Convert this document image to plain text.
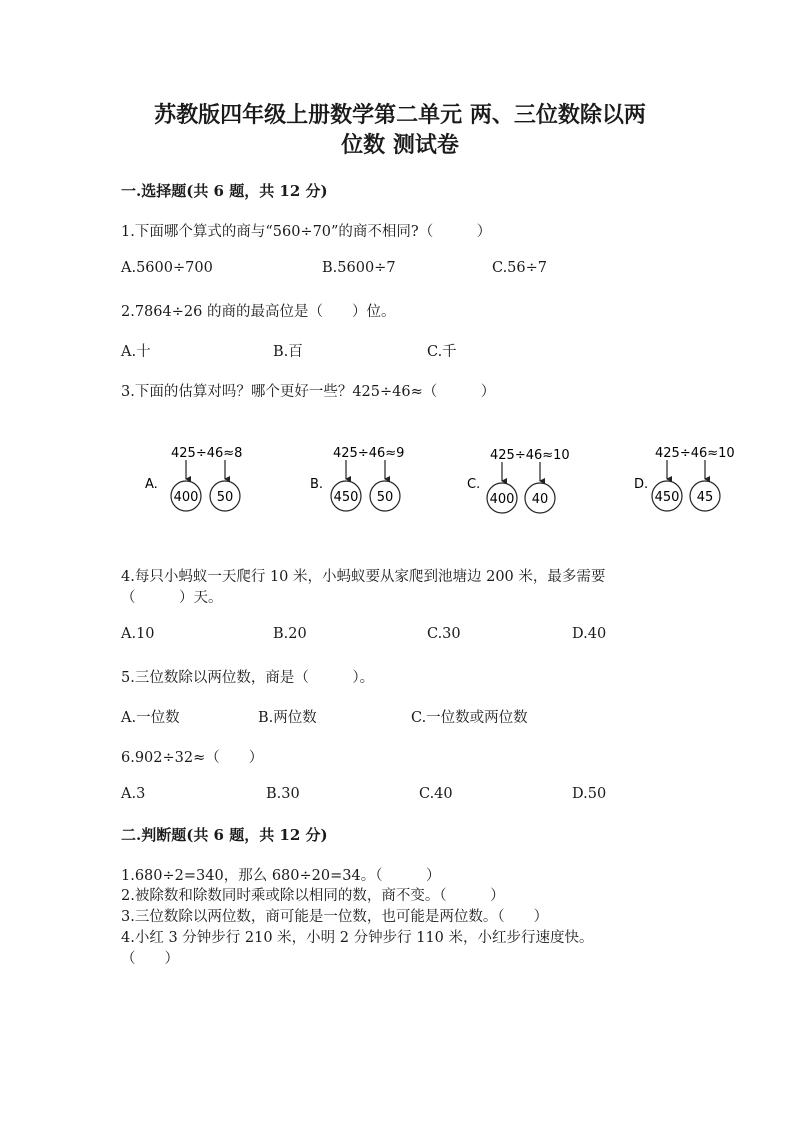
苏教版四年级上册数学第二单元 两、三位数除以两
位数 测试卷
一.选择题(共 6 题，共 12 分)
1.下面哪个算式的商与“560÷70”的商不相同?（　　　）
A.5600÷700	B.5600÷7	C.56÷7
2.7864÷26 的商的最高位是（　　）位。
A.十	B.百	C.千
3.下面的估算对吗？哪个更好一些？425÷46≈（　　　）
A.
425÷46≈8
400 50
B.
425÷46≈9
450 50
C.
425÷46≈10
400 40
D.
425÷46≈10
450 45
4.每只小蚂蚁一天爬行 10 米，小蚂蚁要从家爬到池塘边 200 米，最多需要
（　　　）天。
A.10	B.20	C.30	D.40
5.三位数除以两位数，商是（　　　）。
A.一位数	B.两位数	C.一位数或两位数
6.902÷32≈（　　）
A.3	B.30	C.40	D.50
二.判断题(共 6 题，共 12 分)
1.680÷2=340，那么 680÷20=34。（　　　）
2.被除数和除数同时乘或除以相同的数，商不变。（　　　）
3.三位数除以两位数，商可能是一位数，也可能是两位数。（　　）
4.小红 3 分钟步行 210 米，小明 2 分钟步行 110 米，小红步行速度快。
（　　）
